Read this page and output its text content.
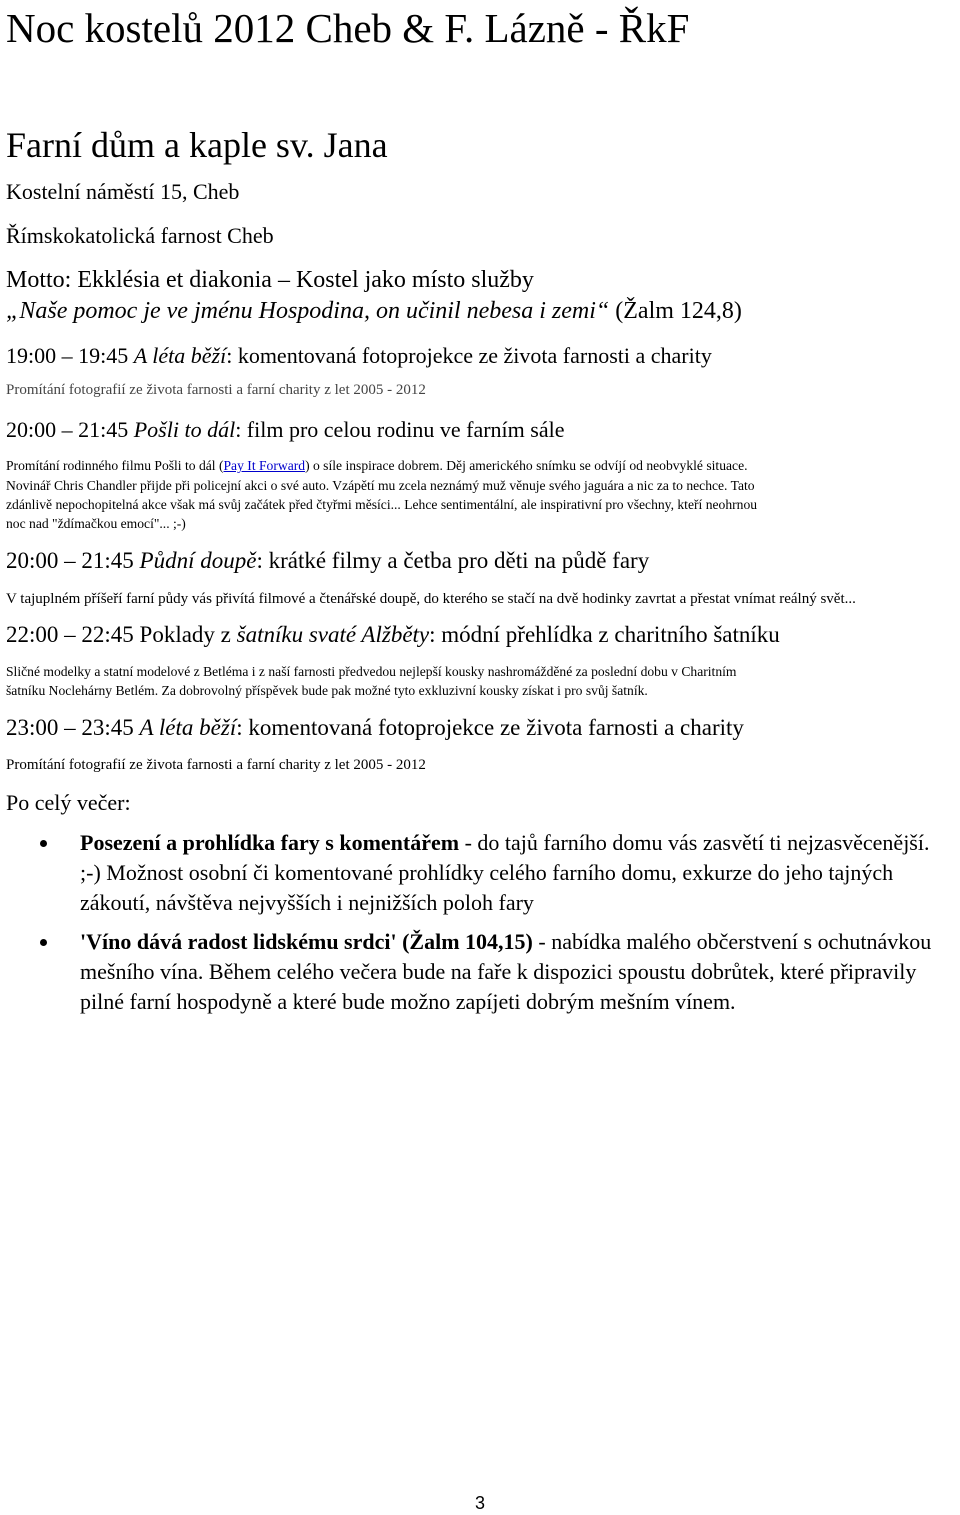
Noc kostelů 2012 Cheb & F. Lázně - ŘkF
Farní dům a kaple sv. Jana
Kostelní náměstí 15, Cheb
Římskokatolická farnost Cheb
Motto: Ekklésia et diakonia – Kostel jako místo služby
„Naše pomoc je ve jménu Hospodina, on učinil nebesa i zemi“ (Žalm 124,8)
19:00 – 19:45 A léta běží: komentovaná fotoprojekce ze života farnosti a charity
Promítání fotografií ze života farnosti a farní charity z let 2005 - 2012
20:00 – 21:45 Pošli to dál: film pro celou rodinu ve farním sále
Promítání rodinného filmu Pošli to dál (Pay It Forward) o síle inspirace dobrem. Děj amerického snímku se odvíjí od neobvyklé situace.
Novinář Chris Chandler přijde při policejní akci o své auto. Vzápětí mu zcela neznámý muž věnuje svého jaguára a nic za to nechce. Tato
zdánlivě nepochopitelná akce však má svůj začátek před čtyřmi měsíci... Lehce sentimentální, ale inspirativní pro všechny, kteří neohrnou
noc nad "ždímačkou emocí"... ;-)
20:00 – 21:45 Půdní doupě: krátké filmy a četba pro děti na půdě fary
V tajuplném příšeří farní půdy vás přivítá filmové a čtenářské doupě, do kterého se stačí na dvě hodinky zavrtat a přestat vnímat reálný svět...
22:00 – 22:45 Poklady z šatníku svaté Alžběty: módní přehlídka z charitního šatníku
Sličné modelky a statní modelové z Betléma i z naší farnosti předvedou nejlepší kousky nashromážděné za poslední dobu v Charitním
šatníku Noclehárny Betlém. Za dobrovolný příspěvek bude pak možné tyto exkluzivní kousky získat i pro svůj šatník.
23:00 – 23:45 A léta běží: komentovaná fotoprojekce ze života farnosti a charity
Promítání fotografií ze života farnosti a farní charity z let 2005 - 2012
Po celý večer:
Posezení a prohlídka fary s komentářem - do tajů farního domu vás zasvětí ti nejzasvěcenější. ;-) Možnost osobní či komentované prohlídky celého farního domu, exkurze do jeho tajných zákoutí, návštěva nejvyšších i nejnižších poloh fary
'Víno dává radost lidskému srdci' (Žalm 104,15) - nabídka malého občerstvení s ochutnávkou mešního vína. Během celého večera bude na faře k dispozici spoustu dobrůtek, které připravily pilné farní hospodyně a které bude možno zapíjeti dobrým mešním vínem.
3
